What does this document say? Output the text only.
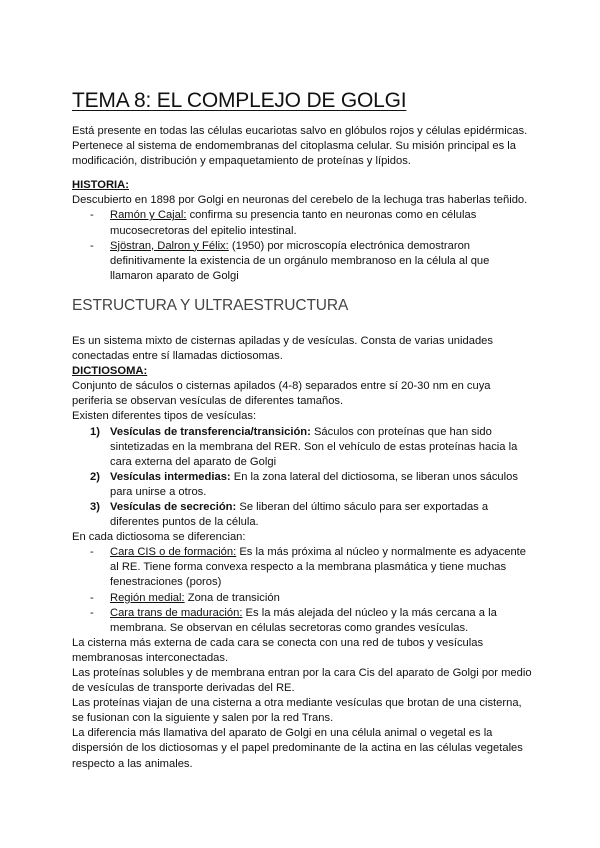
TEMA 8: EL COMPLEJO DE GOLGI

Está presente en todas las células eucariotas salvo en glóbulos rojos y células epidérmicas. Pertenece al sistema de endomembranas del citoplasma celular. Su misión principal es la modificación, distribución y empaquetamiento de proteínas y lípidos.

HISTORIA:

Descubierto en 1898 por Golgi en neuronas del cerebelo de la lechuga tras haberlas teñido.

-	Ramón y Cajal: confirma su presencia tanto en neuronas como en células mucosecretoras del epitelio intestinal.
-	Sjöstran, Dalron y Félix: (1950) por microscopía electrónica demostraron definitivamente la existencia de un orgánulo membranoso en la célula al que llamaron aparato de Golgi

ESTRUCTURA Y ULTRAESTRUCTURA

Es un sistema mixto de cisternas apiladas y de vesículas. Consta de varias unidades conectadas entre sí llamadas dictiosomas.

DICTIOSOMA:

Conjunto de sáculos o cisternas apilados (4-8) separados entre sí 20-30 nm en cuya periferia se observan vesículas de diferentes tamaños.

Existen diferentes tipos de vesículas:

1) Vesículas de transferencia/transición: Sáculos con proteínas que han sido sintetizadas en la membrana del RER. Son el vehículo de estas proteínas hacia la cara externa del aparato de Golgi
2) Vesículas intermedias: En la zona lateral del dictiosoma, se liberan unos sáculos para unirse a otros.
3) Vesículas de secreción: Se liberan del último sáculo para ser exportadas a diferentes puntos de la célula.

En cada dictiosoma se diferencian:

-	Cara CIS o de formación: Es la más próxima al núcleo y normalmente es adyacente al RE. Tiene forma convexa respecto a la membrana plasmática y tiene muchas fenestraciones (poros)
-	Región medial: Zona de transición
-	Cara trans de maduración: Es la más alejada del núcleo y la más cercana a la membrana. Se observan en células secretoras como grandes vesículas.

La cisterna más externa de cada cara se conecta con una red de tubos y vesículas membranosas interconectadas.

Las proteínas solubles y de membrana entran por la cara Cis del aparato de Golgi por medio de vesículas de transporte derivadas del RE.

Las proteínas viajan de una cisterna a otra mediante vesículas que brotan de una cisterna, se fusionan con la siguiente y salen por la red Trans.

La diferencia más llamativa del aparato de Golgi en una célula animal o vegetal es la dispersión de los dictiosomas y el papel predominante de la actina en las células vegetales respecto a las animales.
